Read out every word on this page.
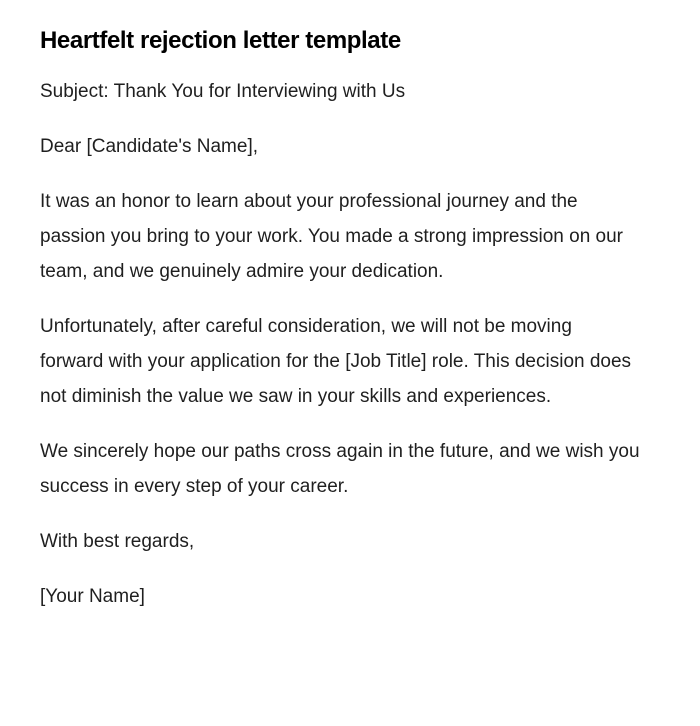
Heartfelt rejection letter template

Subject: Thank You for Interviewing with Us

Dear [Candidate's Name],

It was an honor to learn about your professional journey and the passion you bring to your work. You made a strong impression on our team, and we genuinely admire your dedication.

Unfortunately, after careful consideration, we will not be moving forward with your application for the [Job Title] role. This decision does not diminish the value we saw in your skills and experiences.

We sincerely hope our paths cross again in the future, and we wish you success in every step of your career.

With best regards,

[Your Name]
